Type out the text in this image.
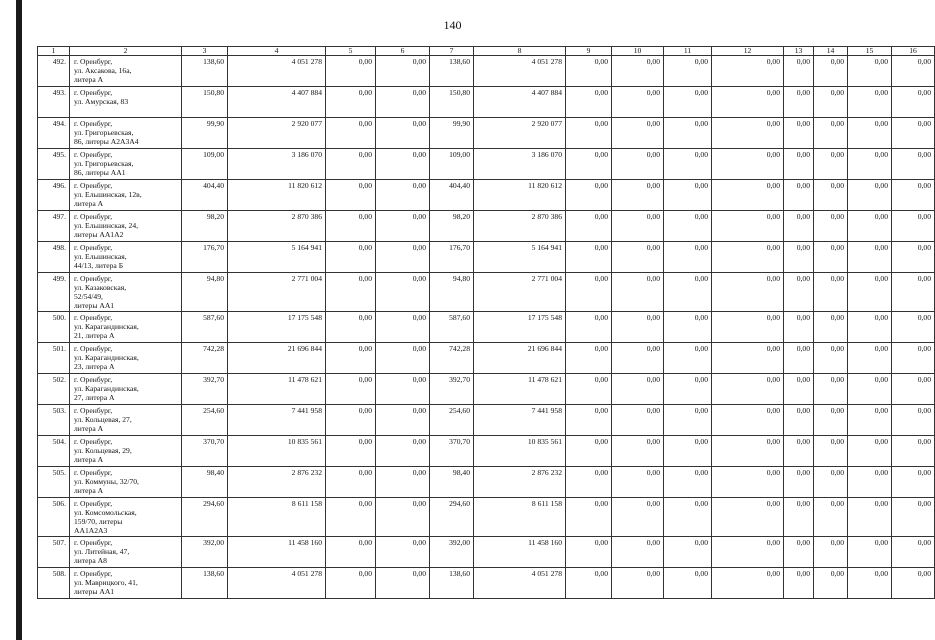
140
1	2	3	4	5	6	7	8	9	10	11	12	13	14	15	16
492.	г. Оренбург,
ул. Аксакова, 16а,
литера А	138,60	4 051 278	0,00	0,00	138,60	4 051 278	0,00	0,00	0,00	0,00	0,00	0,00	0,00	0,00
493.	г. Оренбург,
ул. Амурская, 83	150,80	4 407 884	0,00	0,00	150,80	4 407 884	0,00	0,00	0,00	0,00	0,00	0,00	0,00	0,00
494.	г. Оренбург,
ул. Григорьевская,
86, литеры А2А3А4	99,90	2 920 077	0,00	0,00	99,90	2 920 077	0,00	0,00	0,00	0,00	0,00	0,00	0,00	0,00
495.	г. Оренбург,
ул. Григорьевская,
86, литеры АА1	109,00	3 186 070	0,00	0,00	109,00	3 186 070	0,00	0,00	0,00	0,00	0,00	0,00	0,00	0,00
496.	г. Оренбург,
ул. Ельшинская, 12в,
литера А	404,40	11 820 612	0,00	0,00	404,40	11 820 612	0,00	0,00	0,00	0,00	0,00	0,00	0,00	0,00
497.	г. Оренбург,
ул. Ельшинская, 24,
литеры АА1А2	98,20	2 870 386	0,00	0,00	98,20	2 870 386	0,00	0,00	0,00	0,00	0,00	0,00	0,00	0,00
498.	г. Оренбург,
ул. Ельшинская,
44/13, литера Б	176,70	5 164 941	0,00	0,00	176,70	5 164 941	0,00	0,00	0,00	0,00	0,00	0,00	0,00	0,00
499.	г. Оренбург,
ул. Казаковская,
52/54/49,
литеры АА1	94,80	2 771 004	0,00	0,00	94,80	2 771 004	0,00	0,00	0,00	0,00	0,00	0,00	0,00	0,00
500.	г. Оренбург,
ул. Карагандинская,
21, литера А	587,60	17 175 548	0,00	0,00	587,60	17 175 548	0,00	0,00	0,00	0,00	0,00	0,00	0,00	0,00
501.	г. Оренбург,
ул. Карагандинская,
23, литера А	742,28	21 696 844	0,00	0,00	742,28	21 696 844	0,00	0,00	0,00	0,00	0,00	0,00	0,00	0,00
502.	г. Оренбург,
ул. Карагандинская,
27, литера А	392,70	11 478 621	0,00	0,00	392,70	11 478 621	0,00	0,00	0,00	0,00	0,00	0,00	0,00	0,00
503.	г. Оренбург,
ул. Кольцевая, 27,
литера А	254,60	7 441 958	0,00	0,00	254,60	7 441 958	0,00	0,00	0,00	0,00	0,00	0,00	0,00	0,00
504.	г. Оренбург,
ул. Кольцевая, 29,
литера А	370,70	10 835 561	0,00	0,00	370,70	10 835 561	0,00	0,00	0,00	0,00	0,00	0,00	0,00	0,00
505.	г. Оренбург,
ул. Коммуны, 32/70,
литера А	98,40	2 876 232	0,00	0,00	98,40	2 876 232	0,00	0,00	0,00	0,00	0,00	0,00	0,00	0,00
506.	г. Оренбург,
ул. Комсомольская,
159/70, литеры
АА1А2А3	294,60	8 611 158	0,00	0,00	294,60	8 611 158	0,00	0,00	0,00	0,00	0,00	0,00	0,00	0,00
507.	г. Оренбург,
ул. Литейная, 47,
литера А8	392,00	11 458 160	0,00	0,00	392,00	11 458 160	0,00	0,00	0,00	0,00	0,00	0,00	0,00	0,00
508.	г. Оренбург,
ул. Маврицкого, 41,
литеры АА1	138,60	4 051 278	0,00	0,00	138,60	4 051 278	0,00	0,00	0,00	0,00	0,00	0,00	0,00	0,00
